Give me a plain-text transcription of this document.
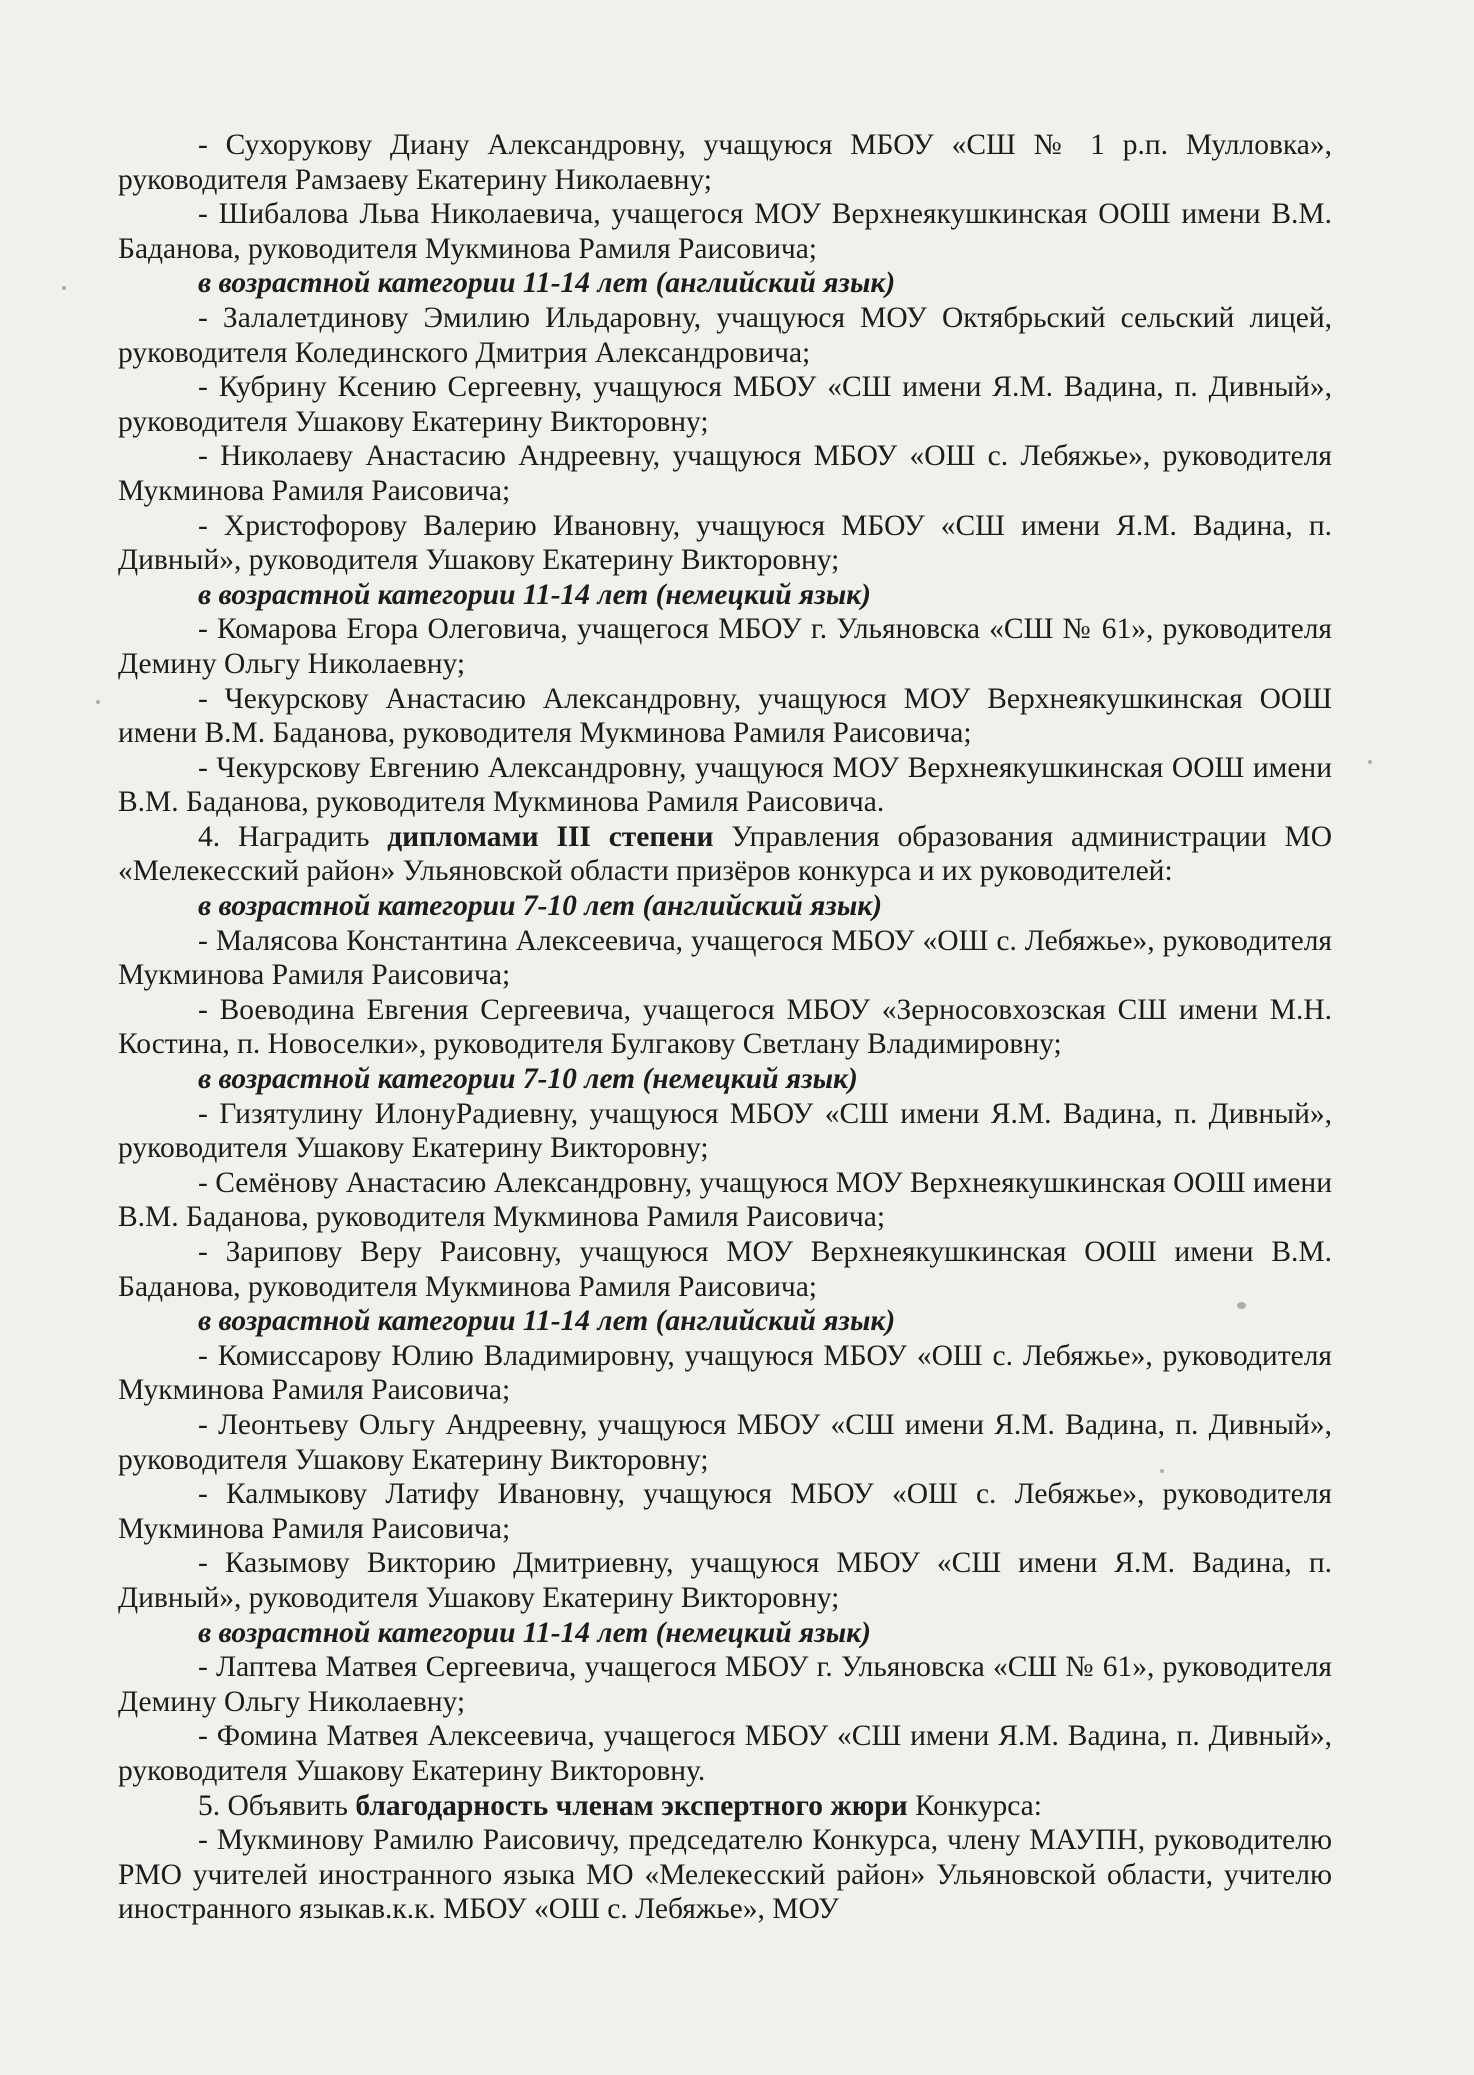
- Сухорукову Диану Александровну, учащуюся МБОУ «СШ № 1 р.п. Мулловка», руководителя Рамзаеву Екатерину Николаевну;

- Шибалова Льва Николаевича, учащегося МОУ Верхнеякушкинская ООШ имени В.М. Баданова, руководителя Мукминова Рамиля Раисовича;

в возрастной категории 11-14 лет (английский язык)

- Залалетдинову Эмилию Ильдаровну, учащуюся МОУ Октябрьский сельский лицей, руководителя Колединского Дмитрия Александровича;

- Кубрину Ксению Сергеевну, учащуюся МБОУ «СШ имени Я.М. Вадина, п. Дивный», руководителя Ушакову Екатерину Викторовну;

- Николаеву Анастасию Андреевну, учащуюся МБОУ «ОШ с. Лебяжье», руководителя Мукминова Рамиля Раисовича;

- Христофорову Валерию Ивановну, учащуюся МБОУ «СШ имени Я.М. Вадина, п. Дивный», руководителя Ушакову Екатерину Викторовну;

в возрастной категории 11-14 лет (немецкий язык)

- Комарова Егора Олеговича, учащегося МБОУ г. Ульяновска «СШ № 61», руководителя Демину Ольгу Николаевну;

- Чекурскову Анастасию Александровну, учащуюся МОУ Верхнеякушкинская ООШ имени В.М. Баданова, руководителя Мукминова Рамиля Раисовича;

- Чекурскову Евгению Александровну, учащуюся МОУ Верхнеякушкинская ООШ имени В.М. Баданова, руководителя Мукминова Рамиля Раисовича.

4. Наградить дипломами III степени Управления образования администрации МО «Мелекесский район» Ульяновской области призёров конкурса и их руководителей:

в возрастной категории 7-10 лет (английский язык)

- Малясова Константина Алексеевича, учащегося МБОУ «ОШ с. Лебяжье», руководителя Мукминова Рамиля Раисовича;

- Воеводина Евгения Сергеевича, учащегося МБОУ «Зерносовхозская СШ имени М.Н. Костина, п. Новоселки», руководителя Булгакову Светлану Владимировну;

в возрастной категории 7-10 лет (немецкий язык)

- Гизятулину ИлонуРадиевну, учащуюся МБОУ «СШ имени Я.М. Вадина, п. Дивный», руководителя Ушакову Екатерину Викторовну;

- Семёнову Анастасию Александровну, учащуюся МОУ Верхнеякушкинская ООШ имени В.М. Баданова, руководителя Мукминова Рамиля Раисовича;

- Зарипову Веру Раисовну, учащуюся МОУ Верхнеякушкинская ООШ имени В.М. Баданова, руководителя Мукминова Рамиля Раисовича;

в возрастной категории 11-14 лет (английский язык)

- Комиссарову Юлию Владимировну, учащуюся МБОУ «ОШ с. Лебяжье», руководителя Мукминова Рамиля Раисовича;

- Леонтьеву Ольгу Андреевну, учащуюся МБОУ «СШ имени Я.М. Вадина, п. Дивный», руководителя Ушакову Екатерину Викторовну;

- Калмыкову Латифу Ивановну, учащуюся МБОУ «ОШ с. Лебяжье», руководителя Мукминова Рамиля Раисовича;

- Казымову Викторию Дмитриевну, учащуюся МБОУ «СШ имени Я.М. Вадина, п. Дивный», руководителя Ушакову Екатерину Викторовну;

в возрастной категории 11-14 лет (немецкий язык)

- Лаптева Матвея Сергеевича, учащегося МБОУ г. Ульяновска «СШ № 61», руководителя Демину Ольгу Николаевну;

- Фомина Матвея Алексеевича, учащегося МБОУ «СШ имени Я.М. Вадина, п. Дивный», руководителя Ушакову Екатерину Викторовну.

5. Объявить благодарность членам экспертного жюри Конкурса:

- Мукминову Рамилю Раисовичу, председателю Конкурса, члену МАУПН, руководителю РМО учителей иностранного языка МО «Мелекесский район» Ульяновской области, учителю иностранного языкав.к.к. МБОУ «ОШ с. Лебяжье», МОУ
